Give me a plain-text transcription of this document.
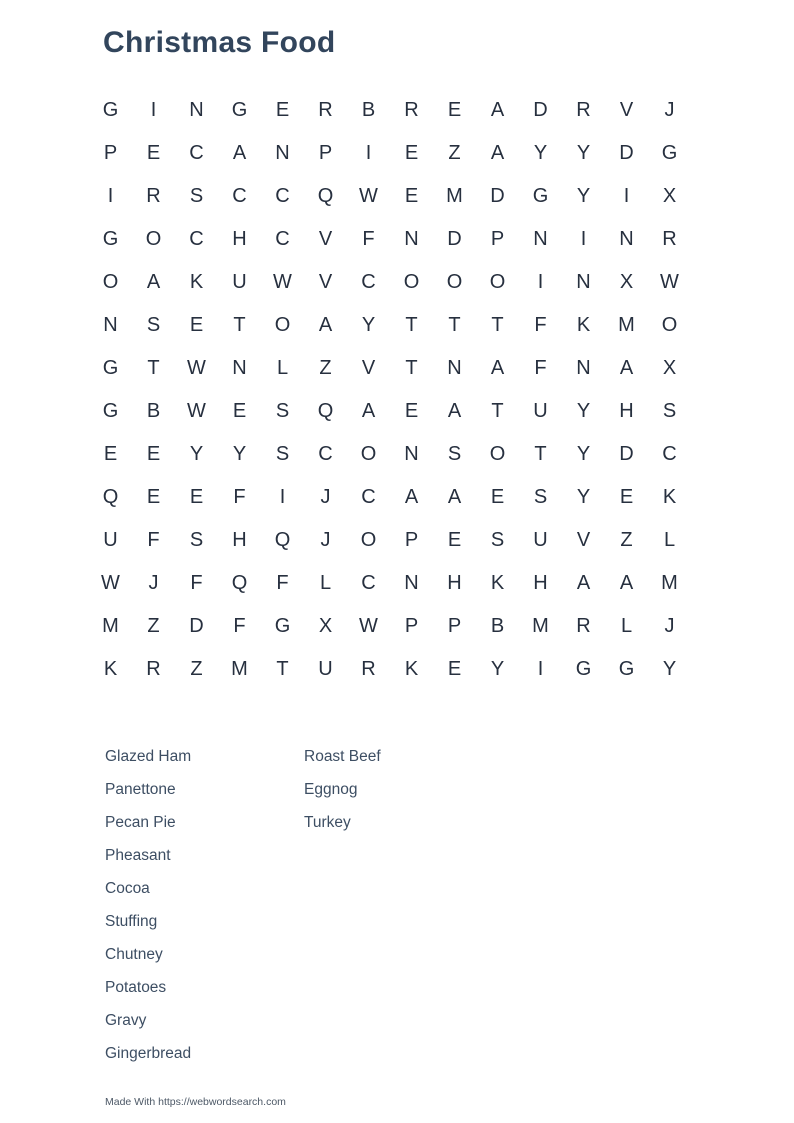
Christmas Food
G	I	N	G	E	R	B	R	E	A	D	R	V	J
P	E	C	A	N	P	I	E	Z	A	Y	Y	D	G
I	R	S	C	C	Q	W	E	M	D	G	Y	I	X
G	O	C	H	C	V	F	N	D	P	N	I	N	R
O	A	K	U	W	V	C	O	O	O	I	N	X	W
N	S	E	T	O	A	Y	T	T	T	F	K	M	O
G	T	W	N	L	Z	V	T	N	A	F	N	A	X
G	B	W	E	S	Q	A	E	A	T	U	Y	H	S
E	E	Y	Y	S	C	O	N	S	O	T	Y	D	C
Q	E	E	F	I	J	C	A	A	E	S	Y	E	K
U	F	S	H	Q	J	O	P	E	S	U	V	Z	L
W	J	F	Q	F	L	C	N	H	K	H	A	A	M
M	Z	D	F	G	X	W	P	P	B	M	R	L	J
K	R	Z	M	T	U	R	K	E	Y	I	G	G	Y
Glazed Ham
Panettone
Pecan Pie
Pheasant
Cocoa
Stuffing
Chutney
Potatoes
Gravy
Gingerbread
Roast Beef
Eggnog
Turkey
Made With https://webwordsearch.com
